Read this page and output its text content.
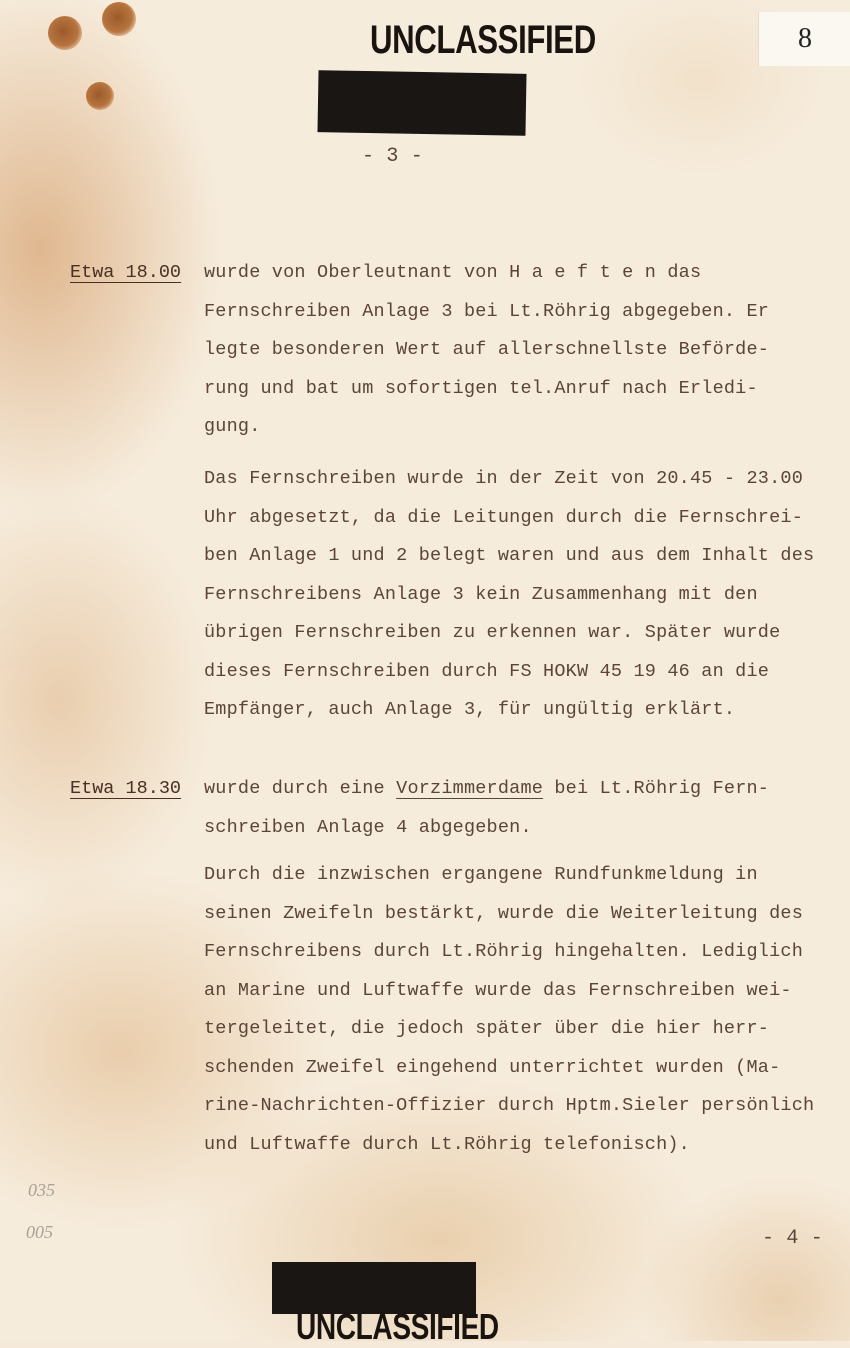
UNCLASSIFIED	8
- 3 -
Etwa 18.00 wurde von Oberleutnant von H a e f t e n das
Fernschreiben Anlage 3 bei Lt.Röhrig abgegeben. Er
legte besonderen Wert auf allerschnellste Beförde-
rung und bat um sofortigen tel.Anruf nach Erledi-
gung.
Das Fernschreiben wurde in der Zeit von 20.45 - 23.00
Uhr abgesetzt, da die Leitungen durch die Fernschrei-
ben Anlage 1 und 2 belegt waren und aus dem Inhalt des
Fernschreibens Anlage 3 kein Zusammenhang mit den
übrigen Fernschreiben zu erkennen war. Später wurde
dieses Fernschreiben durch FS HOKW 45 19 46 an die
Empfänger, auch Anlage 3, für ungültig erklärt.
Etwa 18.30 wurde durch eine Vorzimmerdame bei Lt.Röhrig Fern-
schreiben Anlage 4 abgegeben.
Durch die inzwischen ergangene Rundfunkmeldung in
seinen Zweifeln bestärkt, wurde die Weiterleitung des
Fernschreibens durch Lt.Röhrig hingehalten. Lediglich
an Marine und Luftwaffe wurde das Fernschreiben wei-
tergeleitet, die jedoch später über die hier herr-
schenden Zweifel eingehend unterrichtet wurden (Ma-
rine-Nachrichten-Offizier durch Hptm.Sieler persönlich
und Luftwaffe durch Lt.Röhrig telefonisch).
035
005	- 4 -
UNCLASSIFIED
